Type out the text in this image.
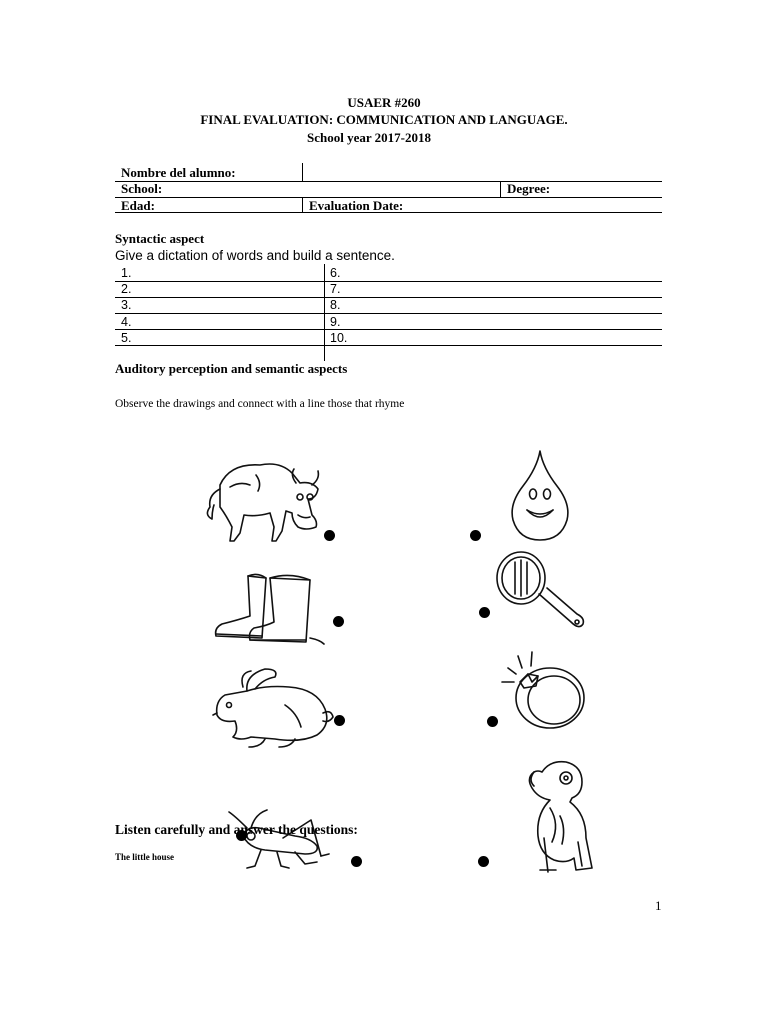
USAER #260
FINAL EVALUATION: COMMUNICATION AND LANGUAGE.
School year 2017-2018
Nombre del alumno:
School:	Degree:
Edad:	Evaluation Date:
Syntactic aspect
Give a dictation of words and build a sentence.
1.
2.
3.
4.
5.
6.
7.
8.
9.
10.
Auditory perception and semantic aspects
Observe the drawings and connect with a line those that rhyme
Listen carefully and answer the questions:
The little house
1
